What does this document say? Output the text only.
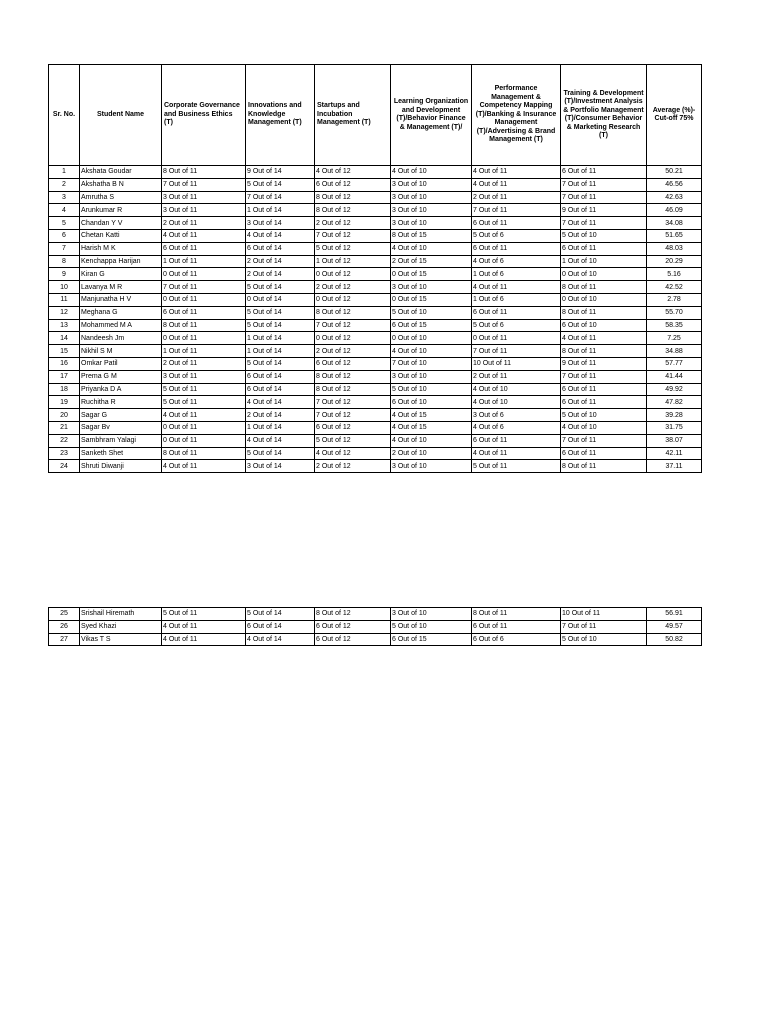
Sr. No.	Student Name	Corporate Governance and Business Ethics (T)	Innovations and Knowledge Management (T)	Startups and Incubation Management (T)	Learning Organization and Development (T)/Behavior Finance & Management (T)/	Performance Management & Competency Mapping (T)/Banking & Insurance Management (T)/Advertising & Brand Management (T)	Training & Development (T)/Investment Analysis & Portfolio Management (T)/Consumer Behavior & Marketing Research (T)	Average (%)- Cut-off 75%
1	Akshata Goudar	8 Out of 11	9 Out of 14	4 Out of 12	4 Out of 10	4 Out of 11	6 Out of 11	50.21
2	Akshatha B N	7 Out of 11	5 Out of 14	6 Out of 12	3 Out of 10	4 Out of 11	7 Out of 11	46.56
3	Amrutha S	3 Out of 11	7 Out of 14	8 Out of 12	3 Out of 10	2 Out of 11	7 Out of 11	42.63
4	Arunkumar R	3 Out of 11	1 Out of 14	8 Out of 12	3 Out of 10	7 Out of 11	9 Out of 11	46.09
5	Chandan Y V	2 Out of 11	3 Out of 14	2 Out of 12	3 Out of 10	6 Out of 11	7 Out of 11	34.08
6	Chetan Katti	4 Out of 11	4 Out of 14	7 Out of 12	8 Out of 15	5 Out of 6	5 Out of 10	51.65
7	Harish M K	6 Out of 11	6 Out of 14	5 Out of 12	4 Out of 10	6 Out of 11	6 Out of 11	48.03
8	Kenchappa Harijan	1 Out of 11	2 Out of 14	1 Out of 12	2 Out of 15	4 Out of 6	1 Out of 10	20.29
9	Kiran G	0 Out of 11	2 Out of 14	0 Out of 12	0 Out of 15	1 Out of 6	0 Out of 10	5.16
10	Lavanya M R	7 Out of 11	5 Out of 14	2 Out of 12	3 Out of 10	4 Out of 11	8 Out of 11	42.52
11	Manjunatha H V	0 Out of 11	0 Out of 14	0 Out of 12	0 Out of 15	1 Out of 6	0 Out of 10	2.78
12	Meghana G	6 Out of 11	5 Out of 14	8 Out of 12	5 Out of 10	6 Out of 11	8 Out of 11	55.70
13	Mohammed M A	8 Out of 11	5 Out of 14	7 Out of 12	6 Out of 15	5 Out of 6	6 Out of 10	58.35
14	Nandeesh Jm	0 Out of 11	1 Out of 14	0 Out of 12	0 Out of 10	0 Out of 11	4 Out of 11	7.25
15	Nikhil S M	1 Out of 11	1 Out of 14	2 Out of 12	4 Out of 10	7 Out of 11	8 Out of 11	34.88
16	Omkar Patil	2 Out of 11	5 Out of 14	6 Out of 12	7 Out of 10	10 Out of 11	9 Out of 11	57.77
17	Prema G M	3 Out of 11	6 Out of 14	8 Out of 12	3 Out of 10	2 Out of 11	7 Out of 11	41.44
18	Priyanka D A	5 Out of 11	6 Out of 14	8 Out of 12	5 Out of 10	4 Out of 10	6 Out of 11	49.92
19	Ruchitha R	5 Out of 11	4 Out of 14	7 Out of 12	6 Out of 10	4 Out of 10	6 Out of 11	47.82
20	Sagar G	4 Out of 11	2 Out of 14	7 Out of 12	4 Out of 15	3 Out of 6	5 Out of 10	39.28
21	Sagar Bv	0 Out of 11	1 Out of 14	6 Out of 12	4 Out of 15	4 Out of 6	4 Out of 10	31.75
22	Sambhram Yalagi	0 Out of 11	4 Out of 14	5 Out of 12	4 Out of 10	6 Out of 11	7 Out of 11	38.07
23	Sanketh Shet	8 Out of 11	5 Out of 14	4 Out of 12	2 Out of 10	4 Out of 11	6 Out of 11	42.11
24	Shruti Diwanji	4 Out of 11	3 Out of 14	2 Out of 12	3 Out of 10	5 Out of 11	8 Out of 11	37.11
25	Srishail Hiremath	5 Out of 11	5 Out of 14	8 Out of 12	3 Out of 10	8 Out of 11	10 Out of 11	56.91
26	Syed Khazi	4 Out of 11	6 Out of 14	6 Out of 12	5 Out of 10	6 Out of 11	7 Out of 11	49.57
27	Vikas T S	4 Out of 11	4 Out of 14	6 Out of 12	6 Out of 15	6 Out of 6	5 Out of 10	50.82
